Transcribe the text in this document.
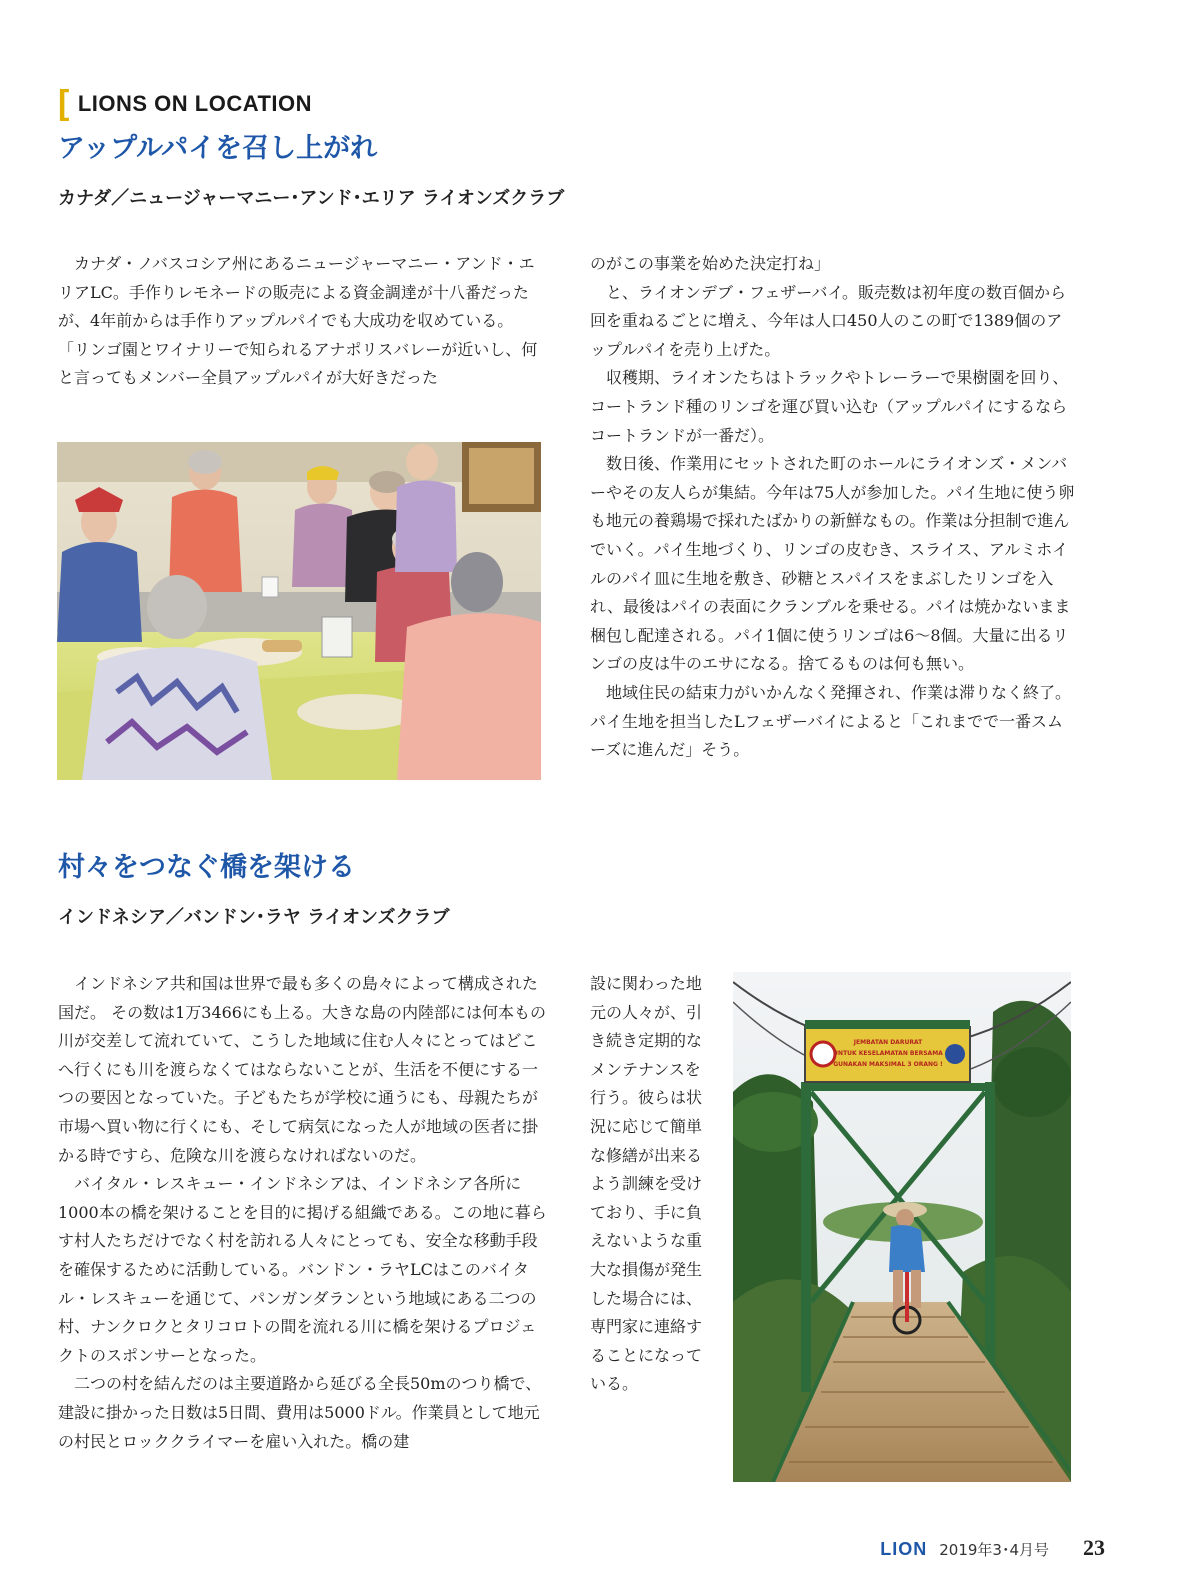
[ LIONS ON LOCATION
アップルパイを召し上がれ
カナダ／ニュージャーマニー･アンド･エリア ライオンズクラブ

カナダ・ノバスコシア州にあるニュージャーマニー・アンド・エリアLC。手作りレモネードの販売による資金調達が十八番だったが、4年前からは手作りアップルパイでも大成功を収めている。

「リンゴ園とワイナリーで知られるアナポリスバレーが近いし、何と言ってもメンバー全員アップルパイが大好きだった

のがこの事業を始めた決定打ね」

と、ライオンデブ・フェザーバイ。販売数は初年度の数百個から回を重ねるごとに増え、今年は人口450人のこの町で1389個のアップルパイを売り上げた。

収穫期、ライオンたちはトラックやトレーラーで果樹園を回り、コートランド種のリンゴを運び買い込む（アップルパイにするならコートランドが一番だ）。

数日後、作業用にセットされた町のホールにライオンズ・メンバーやその友人らが集結。今年は75人が参加した。パイ生地に使う卵も地元の養鶏場で採れたばかりの新鮮なもの。作業は分担制で進んでいく。パイ生地づくり、リンゴの皮むき、スライス、アルミホイルのパイ皿に生地を敷き、砂糖とスパイスをまぶしたリンゴを入れ、最後はパイの表面にクランブルを乗せる。パイは焼かないまま梱包し配達される。パイ1個に使うリンゴは6～8個。大量に出るリンゴの皮は牛のエサになる。捨てるものは何も無い。

地域住民の結束力がいかんなく発揮され、作業は滞りなく終了。パイ生地を担当したLフェザーバイによると「これまでで一番スムーズに進んだ」そう。

村々をつなぐ橋を架ける
インドネシア／バンドン･ラヤ ライオンズクラブ

インドネシア共和国は世界で最も多くの島々によって構成された国だ。 その数は1万3466にも上る。大きな島の内陸部には何本もの川が交差して流れていて、こうした地域に住む人々にとってはどこへ行くにも川を渡らなくてはならないことが、生活を不便にする一つの要因となっていた。子どもたちが学校に通うにも、母親たちが市場へ買い物に行くにも、そして病気になった人が地域の医者に掛かる時ですら、危険な川を渡らなければないのだ。

バイタル・レスキュー・インドネシアは、インドネシア各所に1000本の橋を架けることを目的に掲げる組織である。この地に暮らす村人たちだけでなく村を訪れる人々にとっても、安全な移動手段を確保するために活動している。バンドン・ラヤLCはこのバイタル・レスキューを通じて、パンガンダランという地域にある二つの村、ナンクロクとタリコロトの間を流れる川に橋を架けるプロジェクトのスポンサーとなった。

二つの村を結んだのは主要道路から延びる全長50mのつり橋で、建設に掛かった日数は5日間、費用は5000ドル。作業員として地元の村民とロッククライマーを雇い入れた。橋の建

設に関わった地元の人々が、引き続き定期的なメンテナンスを行う。彼らは状況に応じて簡単な修繕が出来るよう訓練を受けており、手に負えないような重大な損傷が発生した場合には、専門家に連絡することになっている。

JEMBATAN DARURAT
UNTUK KESELAMATAN BERSAMA
GUNAKAN MAKSIMAL 3 ORANG !
LION 2019年3･4月号 23
